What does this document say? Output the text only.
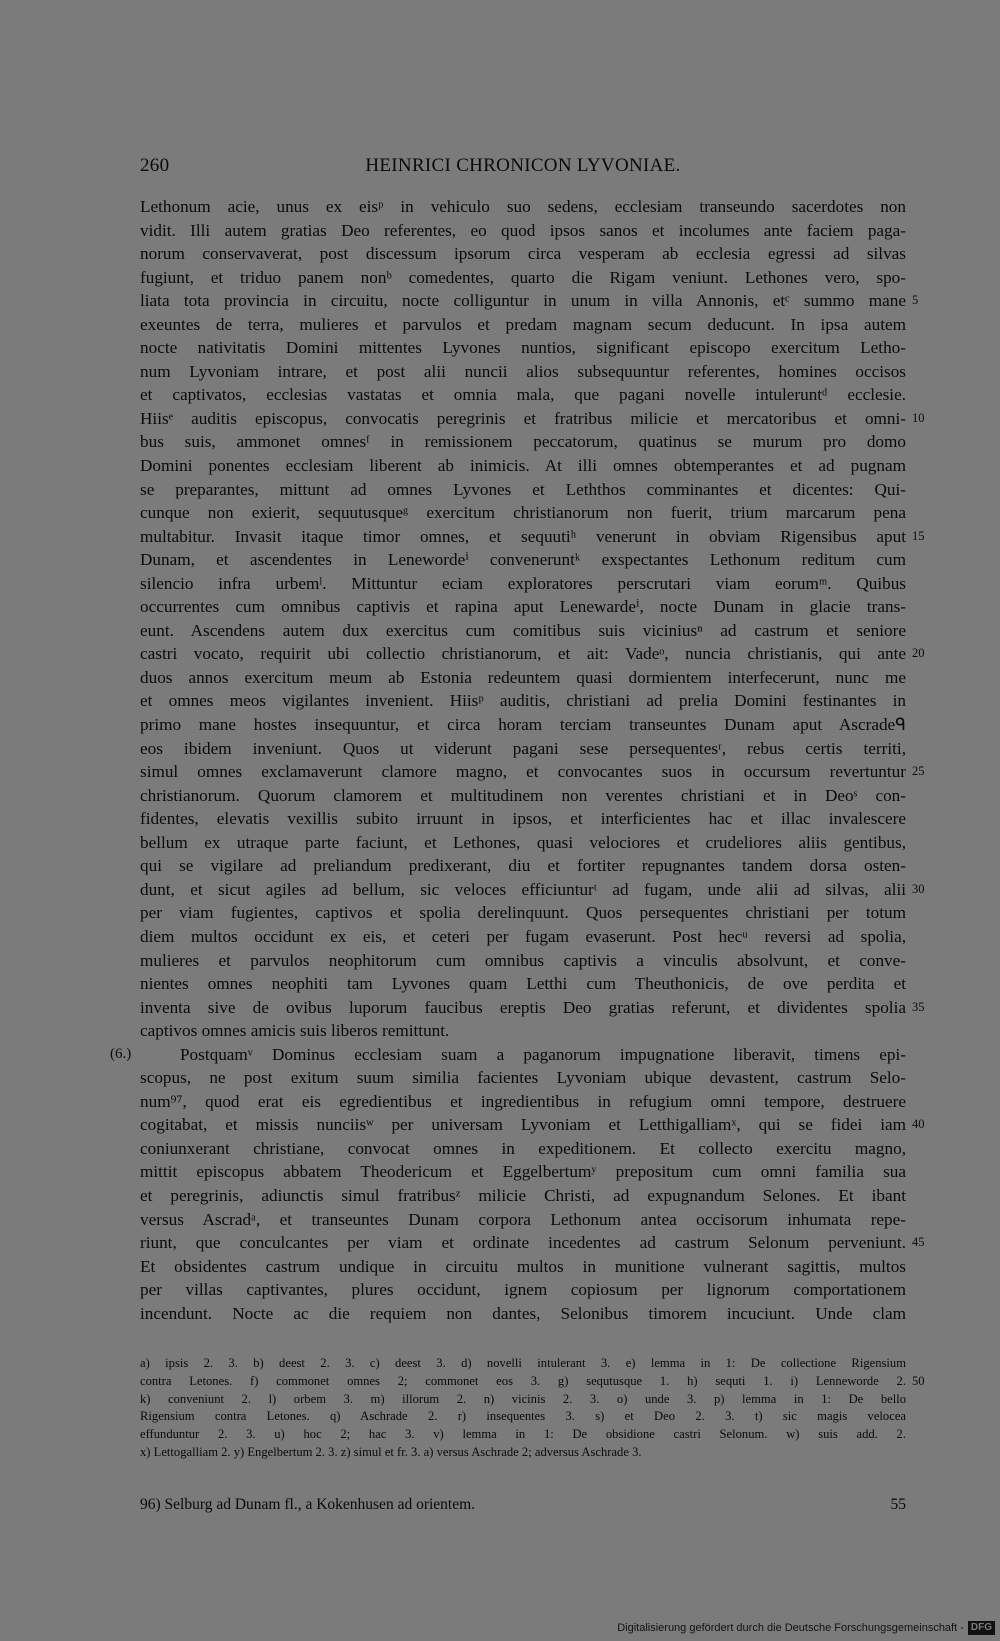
260	HEINRICI CHRONICON LYVONIAE.
Lethonum acie, unus ex eisᵖ in vehiculo suo sedens, ecclesiam transeundo sacerdotes non
vidit. Illi autem gratias Deo referentes, eo quod ipsos sanos et incolumes ante faciem paga-
norum conservaverat, post discessum ipsorum circa vesperam ab ecclesia egressi ad silvas
fugiunt, et triduo panem nonᵇ comedentes, quarto die Rigam veniunt. Lethones vero, spo-
liata tota provincia in circuitu, nocte colliguntur in unum in villa Annonis, etᶜ summo mane 5
exeuntes de terra, mulieres et parvulos et predam magnam secum deducunt. In ipsa autem
nocte nativitatis Domini mittentes Lyvones nuntios, significant episcopo exercitum Letho-
num Lyvoniam intrare, et post alii nuncii alios subsequuntur referentes, homines occisos
et captivatos, ecclesias vastatas et omnia mala, que pagani novelle intuleruntᵈ ecclesie.
Hiisᵉ auditis episcopus, convocatis peregrinis et fratribus milicie et mercatoribus et omni- 10
bus suis, ammonet omnesᶠ in remissionem peccatorum, quatinus se murum pro domo
Domini ponentes ecclesiam liberent ab inimicis. At illi omnes obtemperantes et ad pugnam
se preparantes, mittunt ad omnes Lyvones et Leththos comminantes et dicentes: Qui-
cunque non exierit, sequutusqueᵍ exercitum christianorum non fuerit, trium marcarum pena
multabitur. Invasit itaque timor omnes, et sequutiʰ venerunt in obviam Rigensibus aput 15
Dunam, et ascendentes in Lenewordeⁱ conveneruntᵏ exspectantes Lethonum reditum cum
silencio infra urbemˡ. Mittuntur eciam exploratores perscrutari viam eorumᵐ. Quibus
occurrentes cum omnibus captivis et rapina aput Lenewardeⁱ, nocte Dunam in glacie trans-
eunt. Ascendens autem dux exercitus cum comitibus suis viciniusⁿ ad castrum et seniore
castri vocato, requirit ubi collectio christianorum, et ait: Vadeᵒ, nuncia christianis, qui ante 20
duos annos exercitum meum ab Estonia redeuntem quasi dormientem interfecerunt, nunc me
et omnes meos vigilantes invenient. Hiisᵖ auditis, christiani ad prelia Domini festinantes in
primo mane hostes insequuntur, et circa horam terciam transeuntes Dunam aput Ascradeᑫ
eos ibidem inveniunt. Quos ut viderunt pagani sese persequentesʳ, rebus certis territi,
simul omnes exclamaverunt clamore magno, et convocantes suos in occursum revertuntur 25
christianorum. Quorum clamorem et multitudinem non verentes christiani et in Deoˢ con-
fidentes, elevatis vexillis subito irruunt in ipsos, et interficientes hac et illac invalescere
bellum ex utraque parte faciunt, et Lethones, quasi velociores et crudeliores aliis gentibus,
qui se vigilare ad preliandum predixerant, diu et fortiter repugnantes tandem dorsa osten-
dunt, et sicut agiles ad bellum, sic veloces efficiunturᵗ ad fugam, unde alii ad silvas, alii 30
per viam fugientes, captivos et spolia derelinquunt. Quos persequentes christiani per totum
diem multos occidunt ex eis, et ceteri per fugam evaserunt. Post hecᵘ reversi ad spolia,
mulieres et parvulos neophitorum cum omnibus captivis a vinculis absolvunt, et conve-
nientes omnes neophiti tam Lyvones quam Letthi cum Theuthonicis, de ove perdita et
inventa sive de ovibus luporum faucibus ereptis Deo gratias referunt, et dividentes spolia 35
captivos omnes amicis suis liberos remittunt.
(6.)	Postquamᵛ Dominus ecclesiam suam a paganorum impugnatione liberavit, timens epi-
scopus, ne post exitum suum similia facientes Lyvoniam ubique devastent, castrum Selo-
num⁹⁷, quod erat eis egredientibus et ingredientibus in refugium omni tempore, destruere
cogitabat, et missis nunciisʷ per universam Lyvoniam et Letthigalliamˣ, qui se fidei iam 40
coniunxerant christiane, convocat omnes in expeditionem. Et collecto exercitu magno,
mittit episcopus abbatem Theodericum et Eggelbertumʸ prepositum cum omni familia sua
et peregrinis, adiunctis simul fratribusᶻ milicie Christi, ad expugnandum Selones. Et ibant
versus Ascradᵃ, et transeuntes Dunam corpora Lethonum antea occisorum inhumata repe-
riunt, que conculcantes per viam et ordinate incedentes ad castrum Selonum perveniunt. 45
Et obsidentes castrum undique in circuitu multos in munitione vulnerant sagittis, multos
per villas captivantes, plures occidunt, ignem copiosum per lignorum comportationem
incendunt. Nocte ac die requiem non dantes, Selonibus timorem incuciunt. Unde clam
a) ipsis 2. 3. b) deest 2. 3. c) deest 3. d) novelli intulerant 3. e) lemma in 1: De collectione Rigensium
contra Letones. f) commonet omnes 2; commonet eos 3. g) sequtusque 1. h) sequti 1. i) Lenneworde 2. 50
k) conveniunt 2. l) orbem 3. m) illorum 2. n) vicinis 2. 3. o) unde 3. p) lemma in 1: De bello
Rigensium contra Letones. q) Aschrade 2. r) insequentes 3. s) et Deo 2. 3. t) sic magis velocea
effunduntur 2. 3. u) hoc 2; hac 3. v) lemma in 1: De obsidione castri Selonum. w) suis add. 2.
x) Lettogalliam 2. y) Engelbertum 2. 3. z) simul et fr. 3. a) versus Aschrade 2; adversus Aschrade 3.
96) Selburg ad Dunam fl., a Kokenhusen ad orientem.	55
Digitalisierung gefördert durch die Deutsche Forschungsgemeinschaft - DFG
